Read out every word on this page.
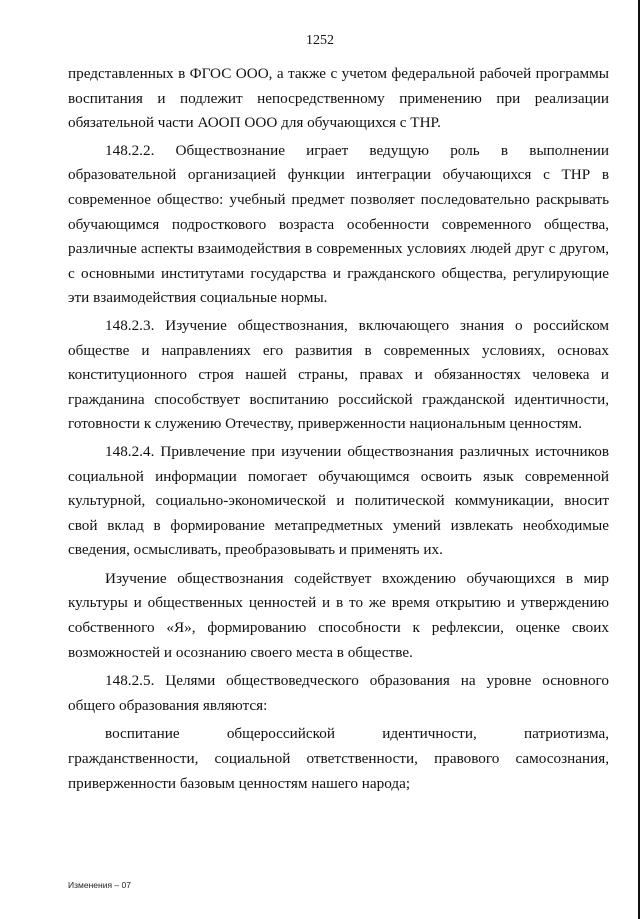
1252

представленных в ФГОС ООО, а также с учетом федеральной рабочей программы воспитания и подлежит непосредственному применению при реализации обязательной части АООП ООО для обучающихся с ТНР.

148.2.2. Обществознание играет ведущую роль в выполнении образовательной организацией функции интеграции обучающихся с ТНР в современное общество: учебный предмет позволяет последовательно раскрывать обучающимся подросткового возраста особенности современного общества, различные аспекты взаимодействия в современных условиях людей друг с другом, с основными институтами государства и гражданского общества, регулирующие эти взаимодействия социальные нормы.

148.2.3. Изучение обществознания, включающего знания о российском обществе и направлениях его развития в современных условиях, основах конституционного строя нашей страны, правах и обязанностях человека и гражданина способствует воспитанию российской гражданской идентичности, готовности к служению Отечеству, приверженности национальным ценностям.

148.2.4. Привлечение при изучении обществознания различных источников социальной информации помогает обучающимся освоить язык современной культурной, социально-экономической и политической коммуникации, вносит свой вклад в формирование метапредметных умений извлекать необходимые сведения, осмысливать, преобразовывать и применять их.

Изучение обществознания содействует вхождению обучающихся в мир культуры и общественных ценностей и в то же время открытию и утверждению собственного «Я», формированию способности к рефлексии, оценке своих возможностей и осознанию своего места в обществе.

148.2.5. Целями обществоведческого образования на уровне основного общего образования являются:

воспитание общероссийской идентичности, патриотизма, гражданственности, социальной ответственности, правового самосознания, приверженности базовым ценностям нашего народа;

Изменения – 07
